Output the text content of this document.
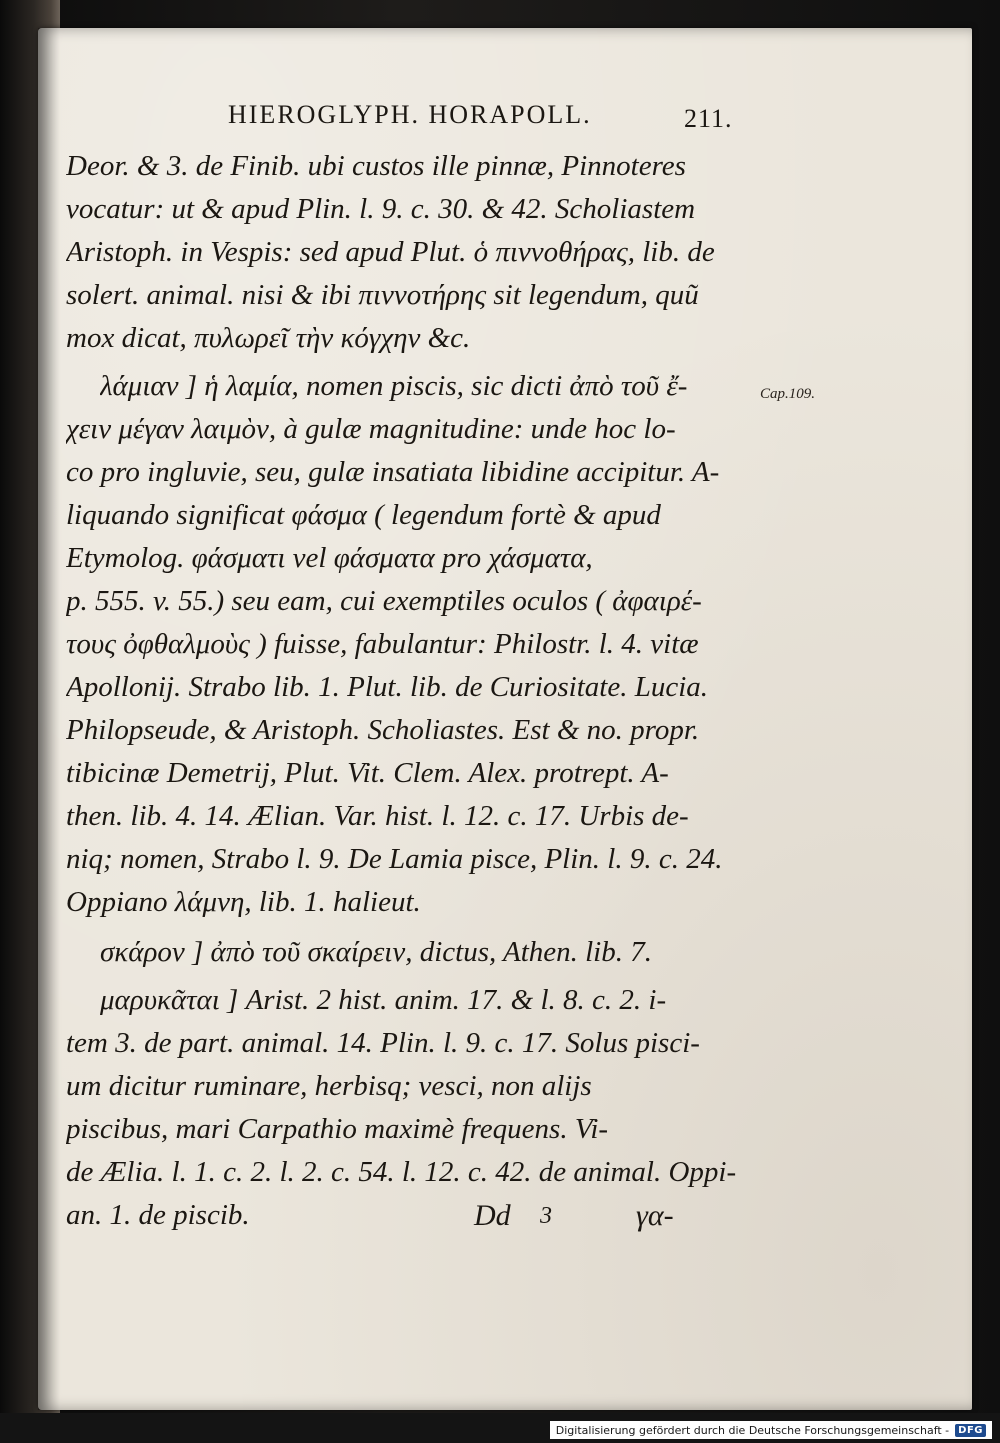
HIEROGLYPH. HORAPOLL.	211.
Deor. & 3. de Finib. ubi custos ille pinnæ, Pinnoteres
vocatur: ut & apud Plin. l. 9. c. 30. & 42. Scholiastem
Aristoph. in Vespis: sed apud Plut. ὁ πιννοθήρας, lib. de
solert. animal. nisi & ibi πιννοτήρης sit legendum, quũ
mox dicat, πυλωρεῖ τὴν κόγχην &c.
λάμιαν ] ἡ λαμία, nomen piscis, sic dicti ἀπὸ τοῦ ἔ-
χειν μέγαν λαιμὸν, à gulæ magnitudine: unde hoc lo-
co pro ingluvie, seu, gulæ insatiata libidine accipitur. A-
liquando significat φάσμα ( legendum fortè & apud
Etymolog. φάσματι vel φάσματα pro χάσματα,
p. 555. v. 55.) seu eam, cui exemptiles oculos ( ἀφαιρέ-
τους ὀφθαλμοὺς ) fuisse, fabulantur: Philostr. l. 4. vitæ
Apollonij. Strabo lib. 1. Plut. lib. de Curiositate. Lucia.
Philopseude, & Aristoph. Scholiastes. Est & no. propr.
tibicinæ Demetrij, Plut. Vit. Clem. Alex. protrept. A-
then. lib. 4. 14. Ælian. Var. hist. l. 12. c. 17. Urbis de-
niq; nomen, Strabo l. 9. De Lamia pisce, Plin. l. 9. c. 24.
Oppiano λάμνη, lib. 1. halieut.
σκάρον ] ἀπὸ τοῦ σκαίρειν, dictus, Athen. lib. 7.
μαρυκᾶται ] Arist. 2 hist. anim. 17. & l. 8. c. 2. i-
tem 3. de part. animal. 14. Plin. l. 9. c. 17. Solus pisci-
um dicitur ruminare, herbisq; vesci, non alijs
piscibus, mari Carpathio maximè frequens. Vi-
de Ælia. l. 1. c. 2. l. 2. c. 54. l. 12. c. 42. de animal. Oppi-
an. 1. de piscib.	Dd 3	γα-
Cap.109.
Digitalisierung gefördert durch die Deutsche Forschungsgemeinschaft - DFG
